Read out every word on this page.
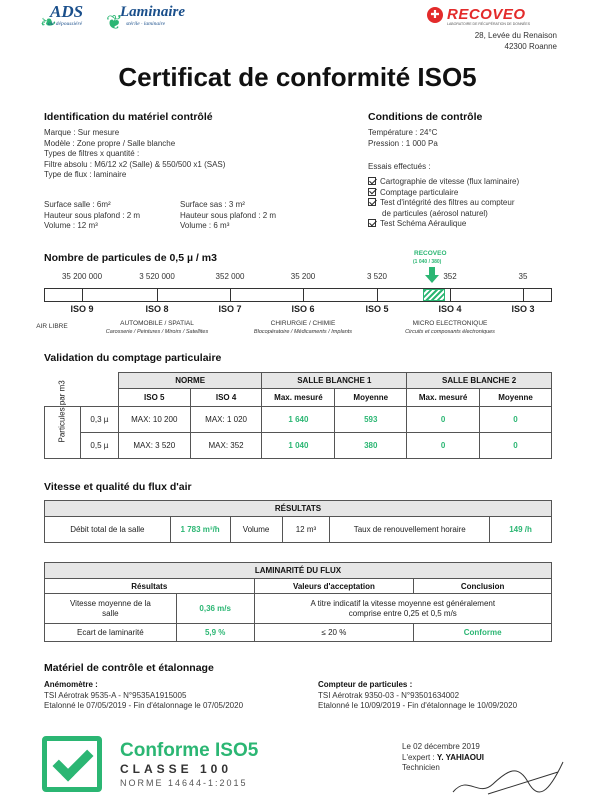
❧
ADS
air dépoussiéré ❦
Laminaire
stérile · laminaire
✚ RECOVEO
LABORATOIRE DE RÉCUPÉRATION DE DONNÉES
28, Levée du Renaison
42300 Roanne
Certificat de conformité ISO5
Identification du matériel contrôlé
Marque : Sur mesure
Modèle : Zone propre / Salle blanche
Types de filtres x quantité :
Filtre absolu : M6/12 x2 (Salle) & 550/500 x1 (SAS)
Type de flux : laminaire
Surface salle : 6m²
Hauteur sous plafond : 2 m
Volume : 12 m³
Surface sas : 3 m²
Hauteur sous plafond : 2 m
Volume : 6 m³
Conditions de contrôle
Température : 24°C
Pression : 1 000 Pa
Essais effectués :
Cartographie de vitesse (flux laminaire)
Comptage particulaire
Test d'intégrité des filtres au compteur
de particules (aérosol naturel)
Test Schéma Aéraulique
Nombre de particules de 0,5 µ / m3	RECOVEO
(1 040 / 380)
35 200 000	3 520 000	352 000	35 200	3 520	352	35
ISO 9	ISO 8	ISO 7	ISO 6	ISO 5	ISO 4	ISO 3
AIR LIBRE	AUTOMOBILE / SPATIAL
Carosserie / Peintures / Miroirs / Satellites
CHIRURGIE / CHIMIE
Blocopératoire / Médicaments / Implants
MICRO ELECTRONIQUE
Circuits et composants électroniques
Validation du comptage particulaire
		NORME		SALLE BLANCHE 1		SALLE BLANCHE 2	
		ISO 5	ISO 4	Max. mesuré	Moyenne	Max. mesuré	Moyenne

Particules par m3	0,3 µ	MAX: 10 200	MAX: 1 020	1 640	593	0	0
	0,5 µ	MAX: 3 520	MAX: 352	1 040	380	0	0
Vitesse et qualité du flux d'air
RÉSULTATS
Débit total de la salle	1 783 m³/h	Volume	12 m³	Taux de renouvellement horaire	149 /h
LAMINARITÉ DU FLUX			
Résultats		Valeurs d'acceptation	Conclusion
Vitesse moyenne de la salle	0,36 m/s	A titre indicatif la vitesse moyenne est généralement comprise entre 0,25 et 0,5 m/s	
Ecart de laminarité	5,9 %	≤ 20 %	Conforme
Matériel de contrôle et étalonnage
Anémomètre :
TSI Aérotrak 9535-A - N°9535A1915005
Etalonné le 07/05/2019 - Fin d'étalonnage le 07/05/2020
Compteur de particules :
TSI Aérotrak 9350-03 - N°93501634002
Etalonné le 10/09/2019 - Fin d'étalonnage le 10/09/2020
Conforme ISO5
CLASSE 100
NORME 14644-1:2015
Le 02 décembre 2019
L'expert : Y. YAHIAOUI
Technicien
